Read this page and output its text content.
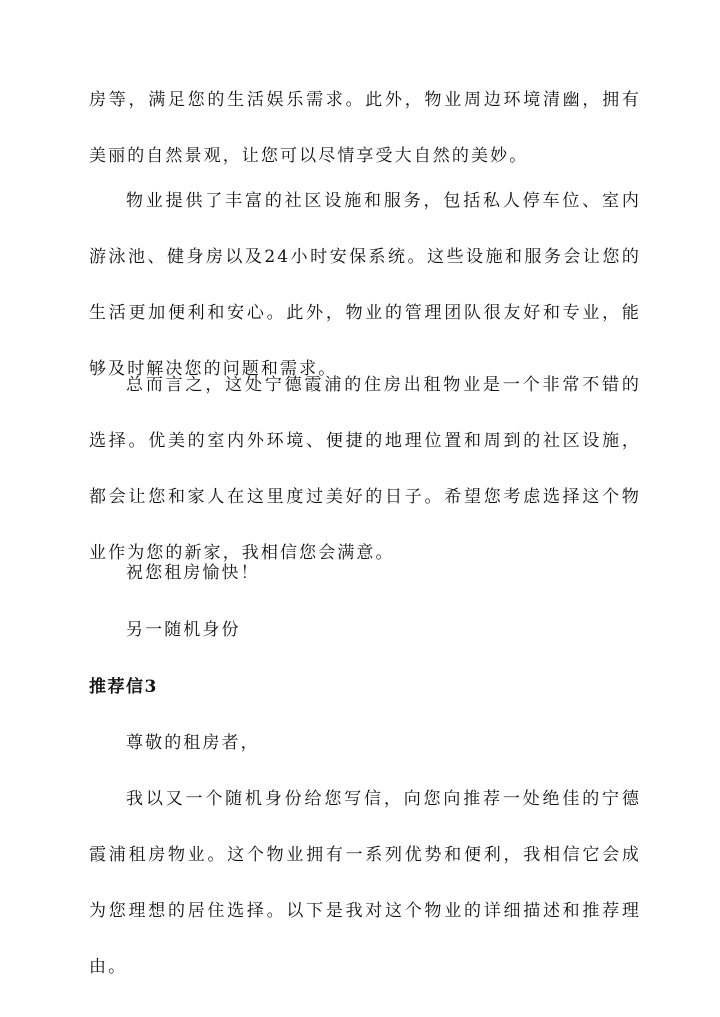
房等，满足您的生活娱乐需求。此外，物业周边环境清幽，拥有美丽的自然景观，让您可以尽情享受大自然的美妙。

物业提供了丰富的社区设施和服务，包括私人停车位、室内游泳池、健身房以及24小时安保系统。这些设施和服务会让您的生活更加便利和安心。此外，物业的管理团队很友好和专业，能够及时解决您的问题和需求。

总而言之，这处宁德霞浦的住房出租物业是一个非常不错的选择。优美的室内外环境、便捷的地理位置和周到的社区设施，都会让您和家人在这里度过美好的日子。希望您考虑选择这个物业作为您的新家，我相信您会满意。

祝您租房愉快！

另一随机身份

推荐信3

尊敬的租房者，

我以又一个随机身份给您写信，向您向推荐一处绝佳的宁德霞浦租房物业。这个物业拥有一系列优势和便利，我相信它会成为您理想的居住选择。以下是我对这个物业的详细描述和推荐理由。
